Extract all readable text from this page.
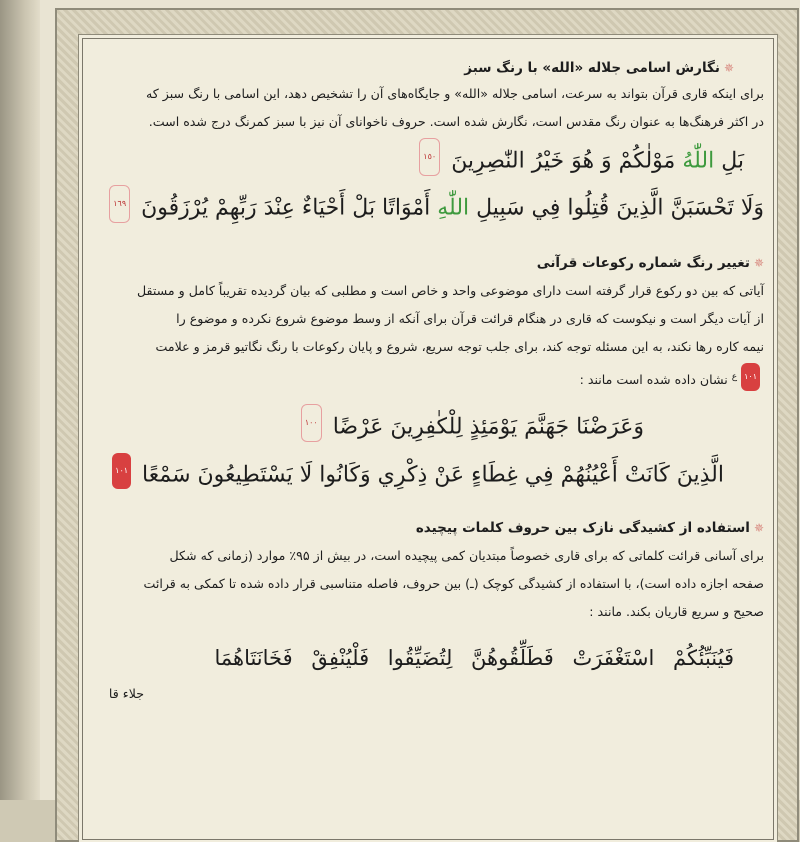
✵نگارش اسامی جلاله «الله» با رنگ سبز

برای اینکه قاری قرآن بتواند به سرعت، اسامی جلاله «الله» و جایگاه‌های آن را تشخیص دهد، این اسامی با رنگ سبز که

در اکثر فرهنگ‌ها به عنوان رنگ مقدس است، نگارش شده است. حروف ناخوانای آن نیز با سبز کمرنگ درج شده است.

بَلِ اللّٰهُ مَوْلٰكُمْ وَ هُوَ خَيْرُ النّٰصِرِينَ ١٥٠

وَلَا تَحْسَبَنَّ الَّذِينَ قُتِلُوا فِي سَبِيلِ اللّٰهِ أَمْوَاتًا بَلْ أَحْيَاءٌ عِنْدَ رَبِّهِمْ يُرْزَقُونَ ١٦٩

✵تغییر رنگ شماره رکوعات قرآنی

آیاتی که بین دو رکوع قرار گرفته است دارای موضوعی واحد و خاص است و مطلبی که بیان گردیده تقریباً کامل و مستقل

از آیات دیگر است و نیکوست که قاری در هنگام قرائت قرآن برای آنکه از وسط موضوع شروع نکرده و موضوع را

نیمه کاره رها نکند، به این مسئله توجه کند، برای جلب توجه سریع، شروع و پایان رکوعات با رنگ نگاتیو قرمز و علامت

$١٠١^ع$ نشان داده شده است مانند :

وَعَرَضْنَا جَهَنَّمَ يَوْمَئِذٍ لِلْكٰفِرِينَ عَرْضًا ١٠٠

الَّذِينَ كَانَتْ أَعْيُنُهُمْ فِي غِطَاءٍ عَنْ ذِكْرِي وَكَانُوا لَا يَسْتَطِيعُونَ سَمْعًا ١٠١

✵استفاده از کشیدگی نازک بین حروف کلمات پیچیده

برای آسانی قرائت کلماتی که برای قاری خصوصاً مبتدیان کمی پیچیده است، در بیش از ۹۵٪ موارد (زمانی که شکل

صفحه اجازه داده است)، با استفاده از کشیدگی کوچک (ـ) بین حروف، فاصله متناسبی قرار داده شده تا کمکی به قرائت

صحیح و سریع قاریان بکند. مانند :

فَيُنَبِّئُكُمْ اسْتَغْفَرَتْ فَطَلِّقُوهُنَّ لِتُضَيِّقُوا فَلْيُنْفِقْ فَخَانَتَاهُمَا

جلاء قا
